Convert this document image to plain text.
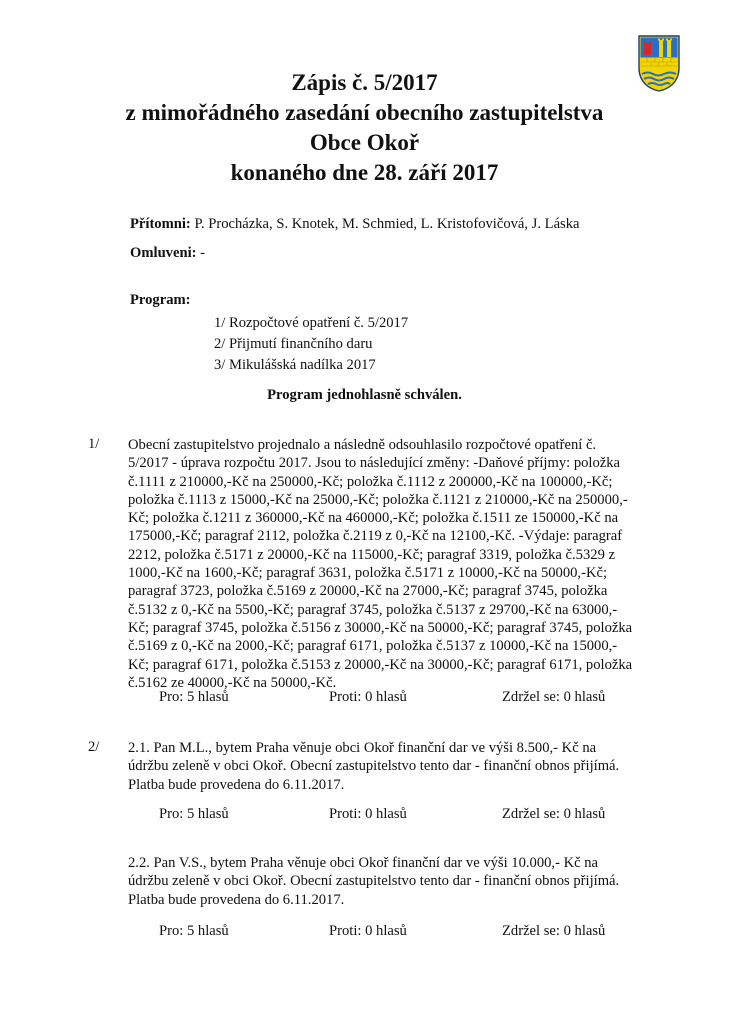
Zápis č. 5/2017

z mimořádného zasedání obecního zastupitelstva

Obce Okoř

konaného dne 28. září 2017

Přítomni: P. Procházka, S. Knotek, M. Schmied, L. Kristofovičová, J. Láska
Omluveni: -
Program:
1/ Rozpočtové opatření č. 5/2017
2/ Přijmutí finančního daru
3/ Mikulášská nadílka 2017
Program jednohlasně schválen.
1/ Obecní zastupitelstvo projednalo a následně odsouhlasilo rozpočtové opatření č. 5/2017 - úprava rozpočtu 2017. Jsou to následující změny: -Daňové příjmy: položka č.1111 z 210000,-Kč na 250000,-Kč; položka č.1112 z 200000,-Kč na 100000,-Kč; položka č.1113 z 15000,-Kč na 25000,-Kč; položka č.1121 z 210000,-Kč na 250000,-Kč; položka č.1211 z 360000,-Kč na 460000,-Kč; položka č.1511 ze 150000,-Kč na 175000,-Kč; paragraf 2112, položka č.2119 z 0,-Kč na 12100,-Kč. -Výdaje: paragraf 2212, položka č.5171 z 20000,-Kč na 115000,-Kč; paragraf 3319, položka č.5329 z 1000,-Kč na 1600,-Kč; paragraf 3631, položka č.5171 z 10000,-Kč na 50000,-Kč; paragraf 3723, položka č.5169 z 20000,-Kč na 27000,-Kč; paragraf 3745, položka č.5132 z 0,-Kč na 5500,-Kč; paragraf 3745, položka č.5137 z 29700,-Kč na 63000,-Kč; paragraf 3745, položka č.5156 z 30000,-Kč na 50000,-Kč; paragraf 3745, položka č.5169 z 0,-Kč na 2000,-Kč; paragraf 6171, položka č.5137 z 10000,-Kč na 15000,-Kč; paragraf 6171, položka č.5153 z 20000,-Kč na 30000,-Kč; paragraf 6171, položka č.5162 ze 40000,-Kč na 50000,-Kč.
Pro: 5 hlasů	Proti: 0 hlasů	Zdržel se: 0 hlasů
2/ 2.1. Pan M.L., bytem Praha věnuje obci Okoř finanční dar ve výši 8.500,- Kč na údržbu zeleně v obci Okoř. Obecní zastupitelstvo tento dar - finanční obnos přijímá. Platba bude provedena do 6.11.2017.
Pro: 5 hlasů	Proti: 0 hlasů	Zdržel se: 0 hlasů
2.2. Pan V.S., bytem Praha věnuje obci Okoř finanční dar ve výši 10.000,- Kč na údržbu zeleně v obci Okoř. Obecní zastupitelstvo tento dar - finanční obnos přijímá. Platba bude provedena do 6.11.2017.
Pro: 5 hlasů	Proti: 0 hlasů	Zdržel se: 0 hlasů
